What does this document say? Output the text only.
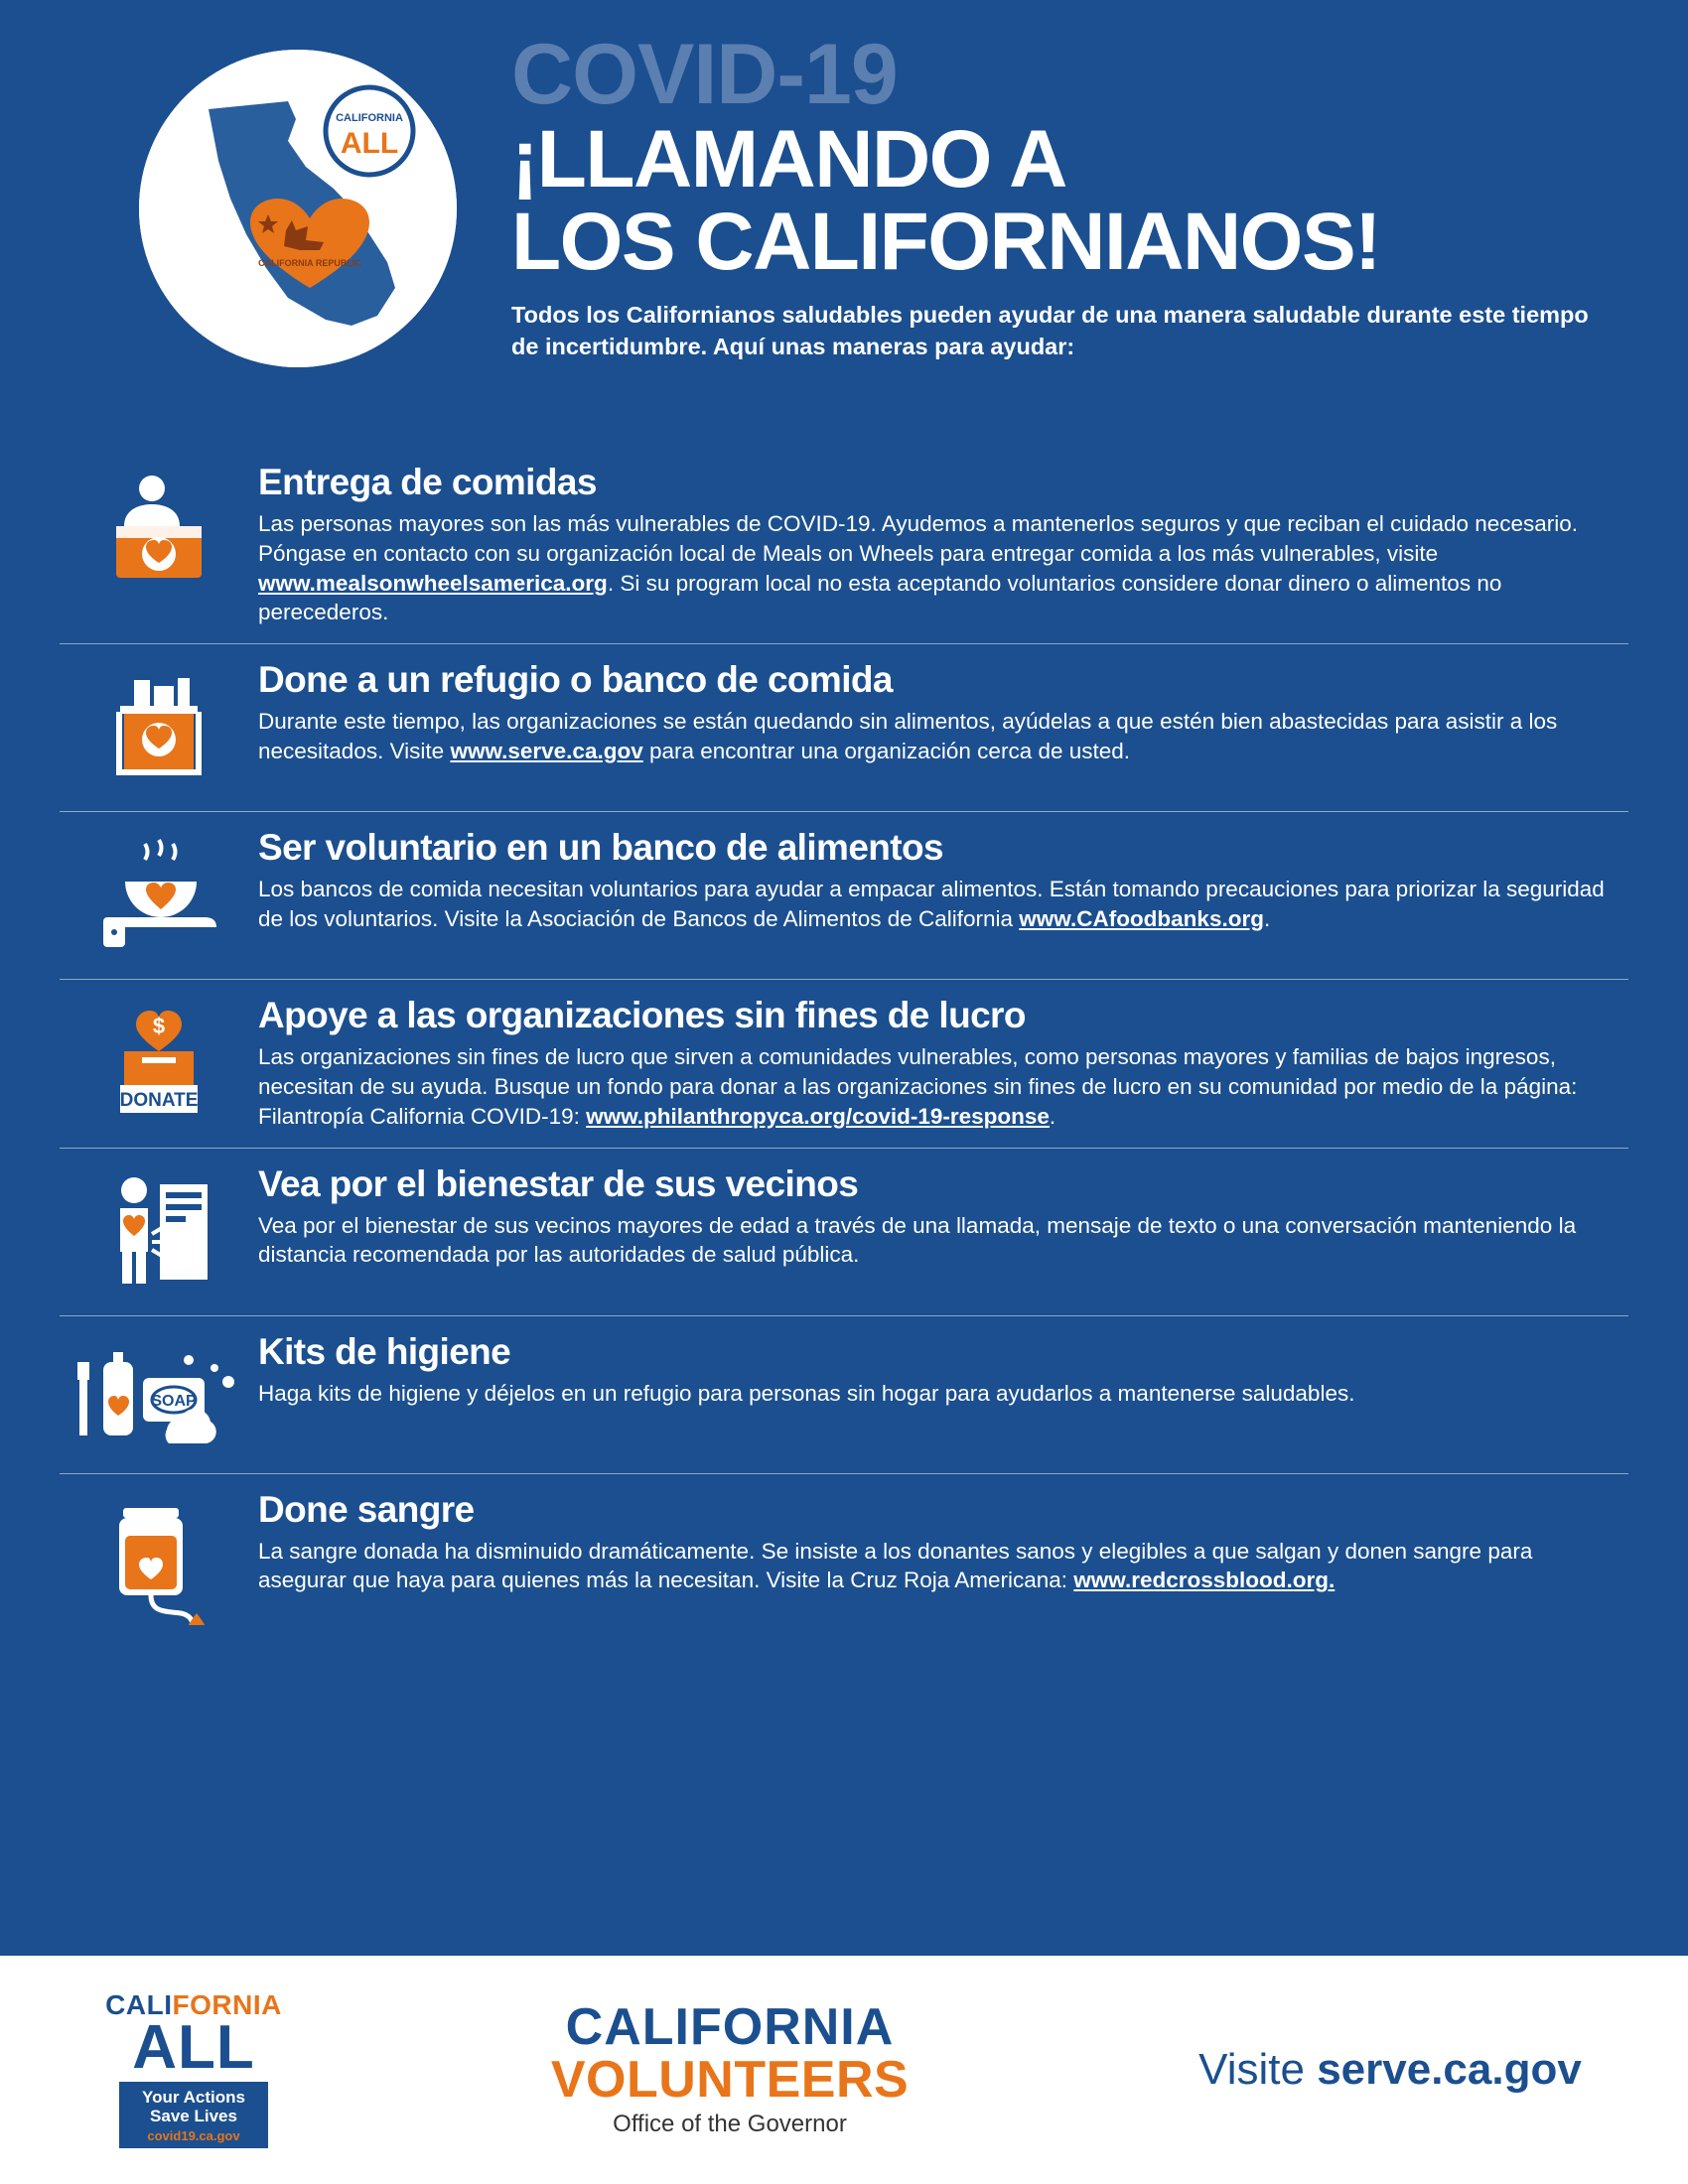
CALIFORNIA REPUBLIC
CALIFORNIA
ALL
COVID-19
¡LLAMANDO A
LOS CALIFORNIANOS!
Todos los Californianos saludables pueden ayudar de una manera saludable durante este tiempo de incertidumbre. Aquí unas maneras para ayudar:
Entrega de comidas

Las personas mayores son las más vulnerables de COVID-19. Ayudemos a mantenerlos seguros y que reciban el cuidado necesario. Póngase en contacto con su organización local de Meals on Wheels para entregar comida a los más vulnerables, visite www.mealsonwheelsamerica.org. Si su program local no esta aceptando voluntarios considere donar dinero o alimentos no perecederos.

Done a un refugio o banco de comida

Durante este tiempo, las organizaciones se están quedando sin alimentos, ayúdelas a que estén bien abastecidas para asistir a los necesitados. Visite www.serve.ca.gov para encontrar una organización cerca de usted.

Ser voluntario en un banco de alimentos

Los bancos de comida necesitan voluntarios para ayudar a empacar alimentos. Están tomando precauciones para priorizar la seguridad de los voluntarios. Visite la Asociación de Bancos de Alimentos de California www.CAfoodbanks.org.

$
DONATE
Apoye a las organizaciones sin fines de lucro

Las organizaciones sin fines de lucro que sirven a comunidades vulnerables, como personas mayores y familias de bajos ingresos, necesitan de su ayuda. Busque un fondo para donar a las organizaciones sin fines de lucro en su comunidad por medio de la página: Filantropía California COVID-19: www.philanthropyca.org/covid-19-response.

Vea por el bienestar de sus vecinos

Vea por el bienestar de sus vecinos mayores de edad a través de una llamada, mensaje de texto o una conversación manteniendo la distancia recomendada por las autoridades de salud pública.

SOAP
Kits de higiene

Haga kits de higiene y déjelos en un refugio para personas sin hogar para ayudarlos a mantenerse saludables.

Done sangre

La sangre donada ha disminuido dramáticamente. Se insiste a los donantes sanos y elegibles a que salgan y donen sangre para asegurar que haya para quienes más la necesitan. Visite la Cruz Roja Americana: www.redcrossblood.org.

CALIFORNIA
ALL
Your Actions
Save Lives
covid19.ca.gov
CALIFORNIA
VOLUNTEERS
Office of the Governor
Visite serve.ca.gov
